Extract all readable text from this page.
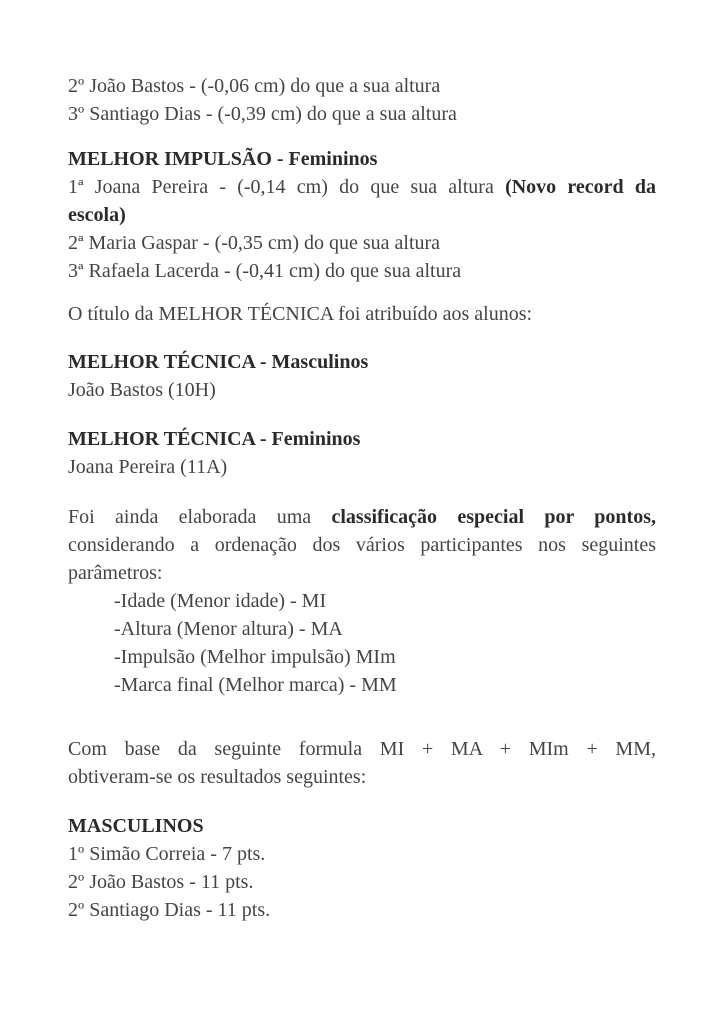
2º João Bastos - (-0,06 cm) do que a sua altura
3º Santiago Dias - (-0,39 cm) do que a sua altura
MELHOR IMPULSÃO - Femininos
1ª Joana Pereira - (-0,14 cm) do que sua altura (Novo record da
escola)
2ª Maria Gaspar - (-0,35 cm) do que sua altura
3ª Rafaela Lacerda - (-0,41 cm) do que sua altura
O título da MELHOR TÉCNICA foi atribuído aos alunos:
MELHOR TÉCNICA - Masculinos
João Bastos (10H)
MELHOR TÉCNICA - Femininos
Joana Pereira (11A)
Foi ainda elaborada uma classificação especial por pontos,
considerando a ordenação dos vários participantes nos seguintes
parâmetros:
-Idade (Menor idade) - MI
-Altura (Menor altura) - MA
-Impulsão (Melhor impulsão) MIm
-Marca final (Melhor marca) - MM
Com base da seguinte formula MI + MA + MIm + MM,
obtiveram-se os resultados seguintes:
MASCULINOS
1º Simão Correia - 7 pts.
2º João Bastos - 11 pts.
2º Santiago Dias - 11 pts.
